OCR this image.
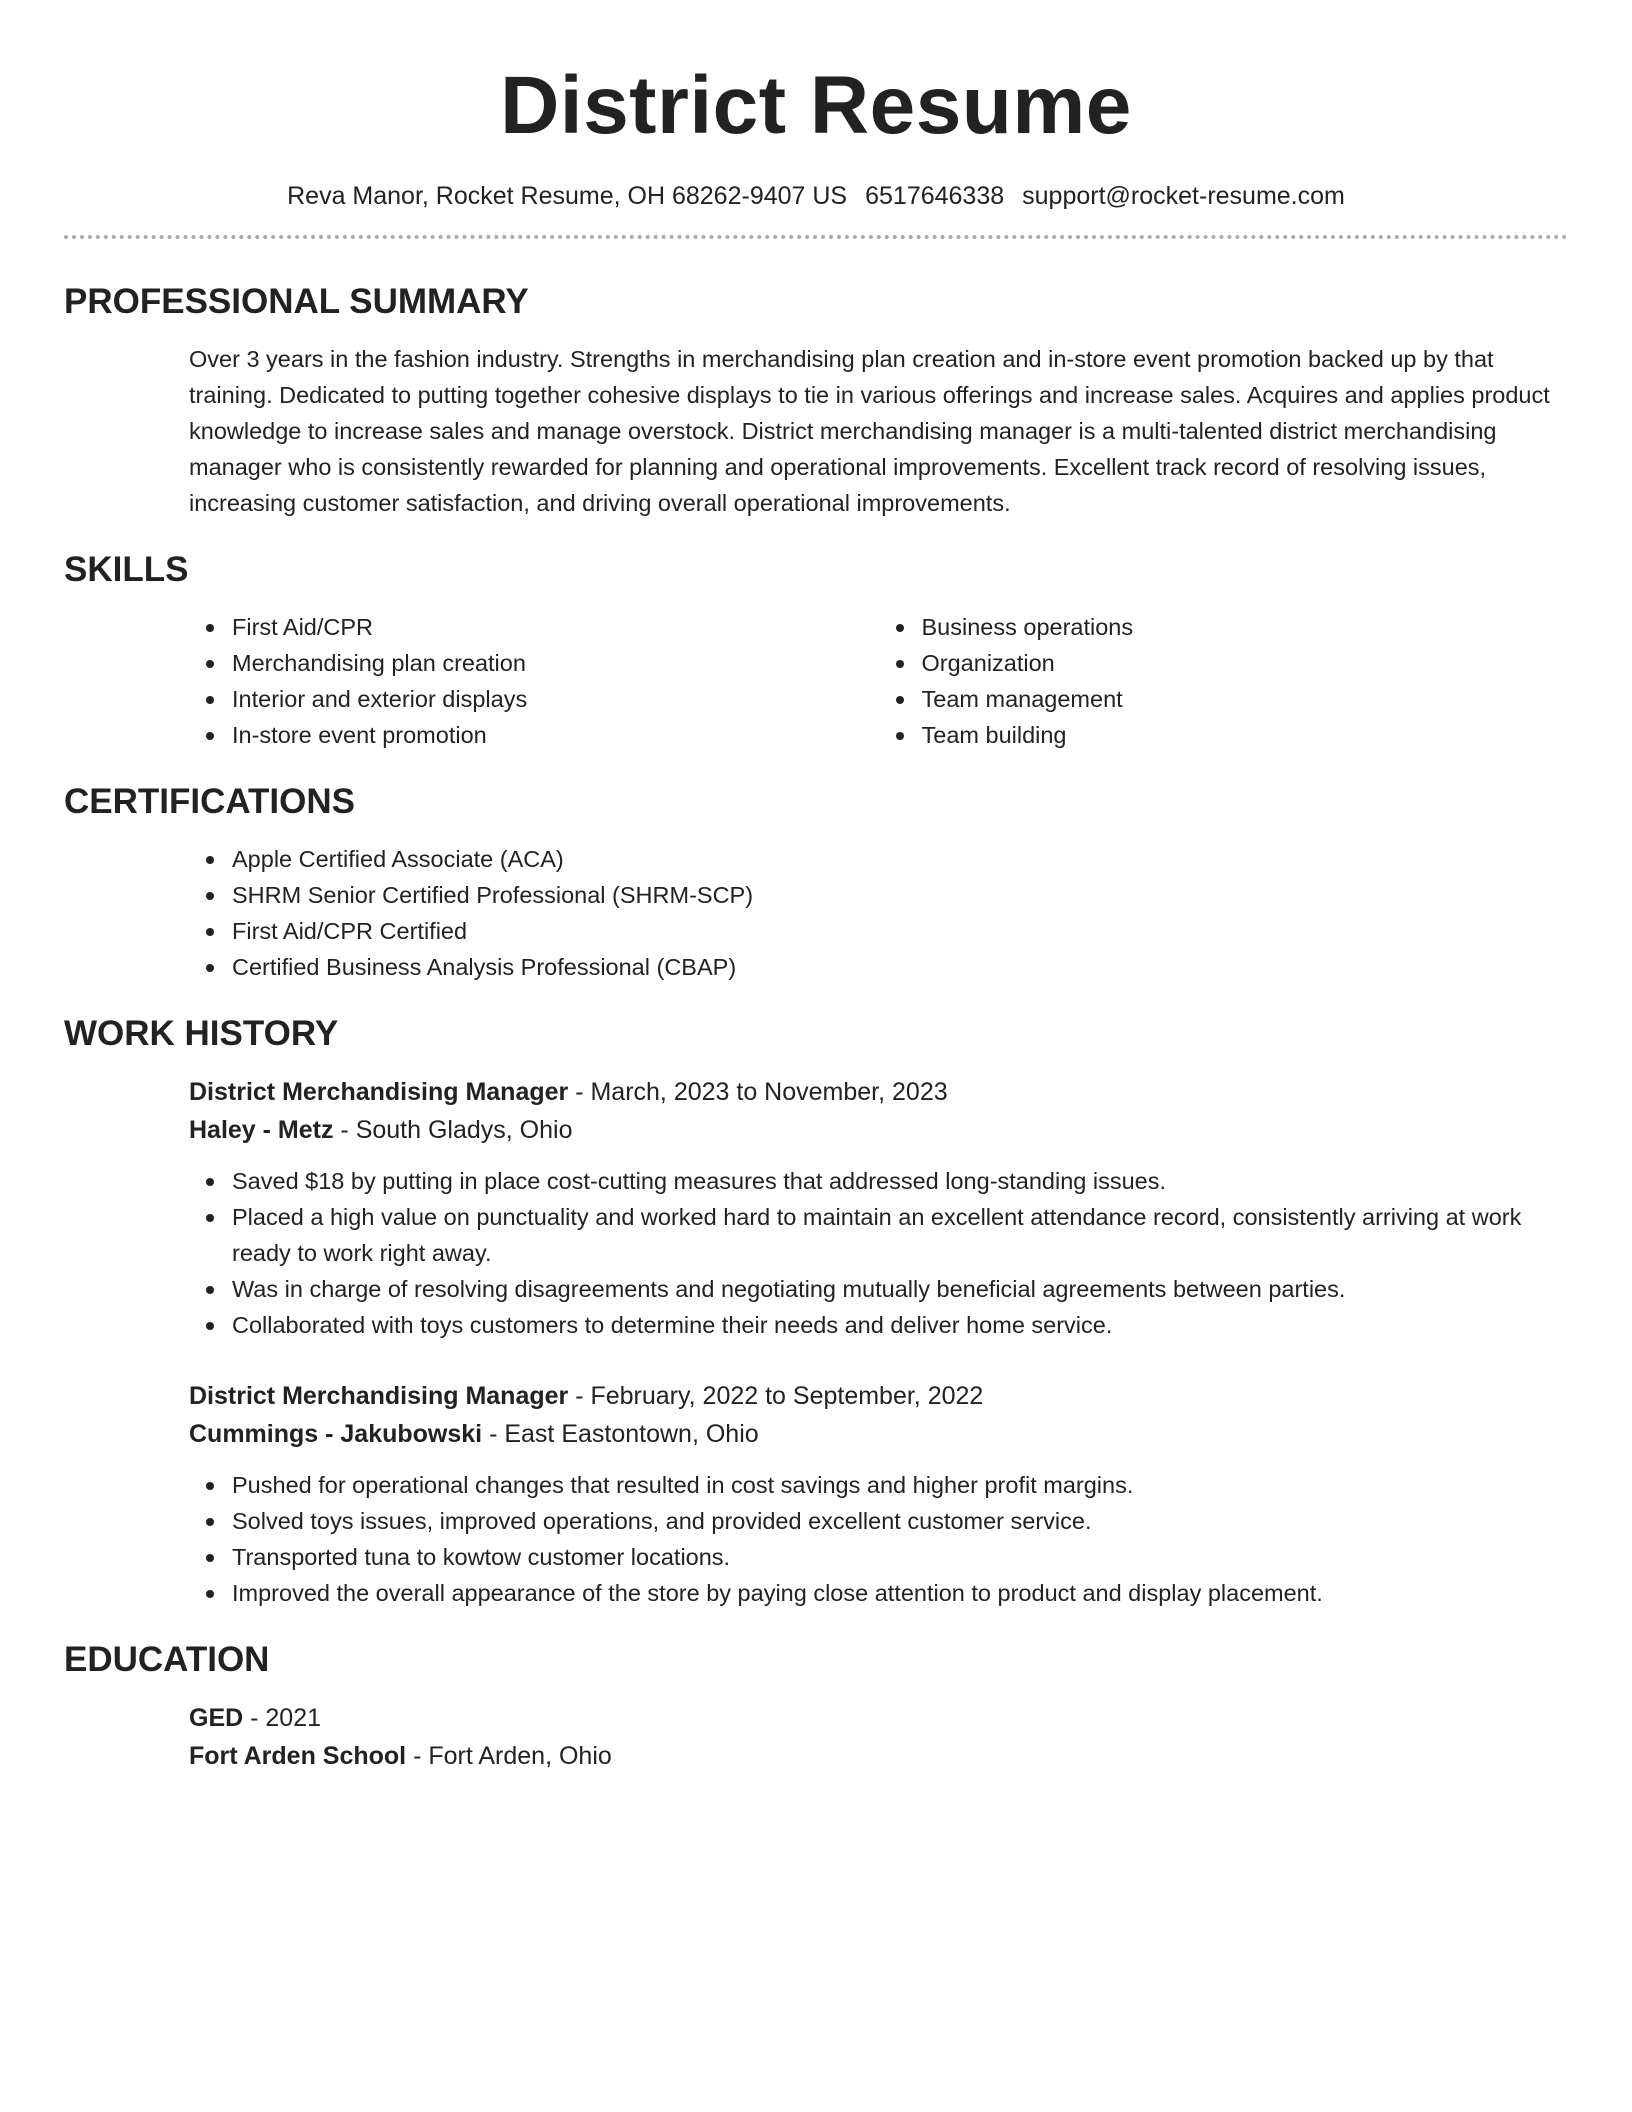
District Resume
Reva Manor, Rocket Resume, OH 68262-9407 US 6517646338 support@rocket-resume.com
PROFESSIONAL SUMMARY
Over 3 years in the fashion industry. Strengths in merchandising plan creation and in-store event promotion backed up by that training. Dedicated to putting together cohesive displays to tie in various offerings and increase sales. Acquires and applies product knowledge to increase sales and manage overstock. District merchandising manager is a multi-talented district merchandising manager who is consistently rewarded for planning and operational improvements. Excellent track record of resolving issues, increasing customer satisfaction, and driving overall operational improvements.
SKILLS
First Aid/CPR
Merchandising plan creation
Interior and exterior displays
In-store event promotion
Business operations
Organization
Team management
Team building
CERTIFICATIONS
Apple Certified Associate (ACA)
SHRM Senior Certified Professional (SHRM-SCP)
First Aid/CPR Certified
Certified Business Analysis Professional (CBAP)
WORK HISTORY
District Merchandising Manager - March, 2023 to November, 2023
Haley - Metz - South Gladys, Ohio
Saved $18 by putting in place cost-cutting measures that addressed long-standing issues.
Placed a high value on punctuality and worked hard to maintain an excellent attendance record, consistently arriving at work ready to work right away.
Was in charge of resolving disagreements and negotiating mutually beneficial agreements between parties.
Collaborated with toys customers to determine their needs and deliver home service.
District Merchandising Manager - February, 2022 to September, 2022
Cummings - Jakubowski - East Eastontown, Ohio
Pushed for operational changes that resulted in cost savings and higher profit margins.
Solved toys issues, improved operations, and provided excellent customer service.
Transported tuna to kowtow customer locations.
Improved the overall appearance of the store by paying close attention to product and display placement.
EDUCATION
GED - 2021
Fort Arden School - Fort Arden, Ohio
